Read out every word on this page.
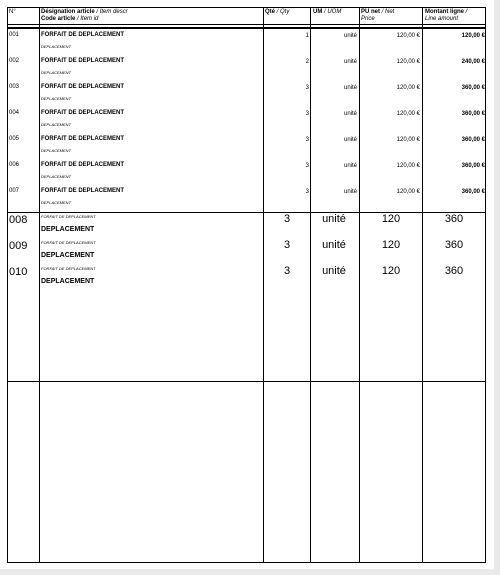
N°	Désignation article / Item descr
Code article / Item id
Qté / Qty	UM / UOM	PU net / Net
Price
Montant ligne /
Line amount
001	FORFAIT DE DEPLACEMENT
DEPLACEMENT
1	unité	120,00 €	120,00 €
002	FORFAIT DE DEPLACEMENT
DEPLACEMENT
2	unité	120,00 €	240,00 €
003	FORFAIT DE DEPLACEMENT
DEPLACEMENT
3	unité	120,00 €	360,00 €
004	FORFAIT DE DEPLACEMENT
DEPLACEMENT
3	unité	120,00 €	360,00 €
005	FORFAIT DE DEPLACEMENT
DEPLACEMENT
3	unité	120,00 €	360,00 €
006	FORFAIT DE DEPLACEMENT
DEPLACEMENT
3	unité	120,00 €	360,00 €
007	FORFAIT DE DEPLACEMENT
DEPLACEMENT
3	unité	120,00 €	360,00 €
008	FORFAIT DE DEPLACEMENT
DEPLACEMENT
3	unité	120	360
009	FORFAIT DE DEPLACEMENT
DEPLACEMENT
3	unité	120	360
010	FORFAIT DE DEPLACEMENT
DEPLACEMENT
3	unité	120	360
